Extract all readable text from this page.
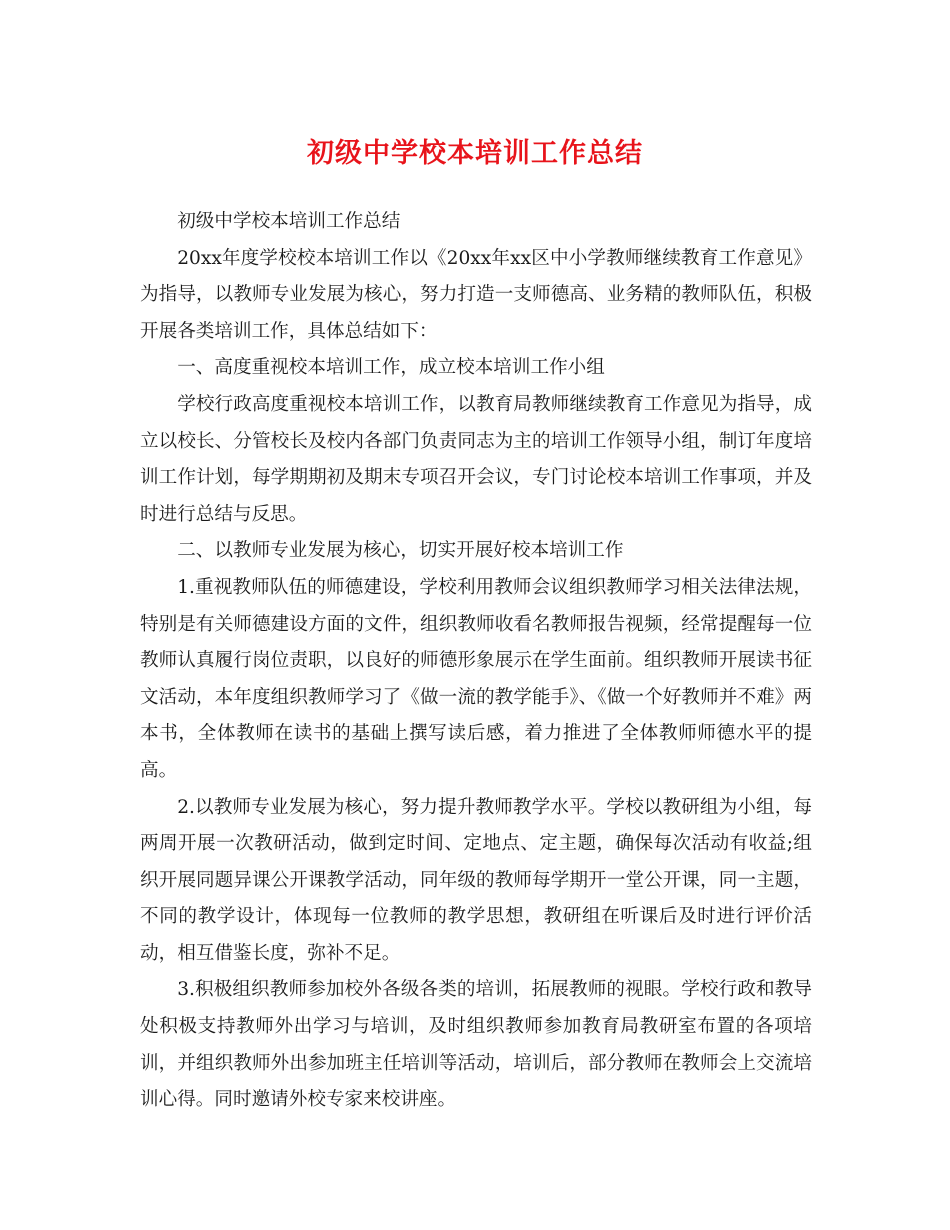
初级中学校本培训工作总结

初级中学校本培训工作总结

20xx年度学校校本培训工作以《20xx年xx区中小学教师继续教育工作意见》为指导，以教师专业发展为核心，努力打造一支师德高、业务精的教师队伍，积极开展各类培训工作，具体总结如下：

一、高度重视校本培训工作，成立校本培训工作小组

学校行政高度重视校本培训工作，以教育局教师继续教育工作意见为指导，成立以校长、分管校长及校内各部门负责同志为主的培训工作领导小组，制订年度培训工作计划，每学期期初及期末专项召开会议，专门讨论校本培训工作事项，并及时进行总结与反思。

二、以教师专业发展为核心，切实开展好校本培训工作

1.重视教师队伍的师德建设，学校利用教师会议组织教师学习相关法律法规，特别是有关师德建设方面的文件，组织教师收看名教师报告视频，经常提醒每一位教师认真履行岗位责职，以良好的师德形象展示在学生面前。组织教师开展读书征文活动，本年度组织教师学习了《做一流的教学能手》、《做一个好教师并不难》两本书，全体教师在读书的基础上撰写读后感，着力推进了全体教师师德水平的提高。

2.以教师专业发展为核心，努力提升教师教学水平。学校以教研组为小组，每两周开展一次教研活动，做到定时间、定地点、定主题，确保每次活动有收益;组织开展同题异课公开课教学活动，同年级的教师每学期开一堂公开课，同一主题，不同的教学设计，体现每一位教师的教学思想，教研组在听课后及时进行评价活动，相互借鉴长度，弥补不足。

3.积极组织教师参加校外各级各类的培训，拓展教师的视眼。学校行政和教导处积极支持教师外出学习与培训，及时组织教师参加教育局教研室布置的各项培训，并组织教师外出参加班主任培训等活动，培训后，部分教师在教师会上交流培训心得。同时邀请外校专家来校讲座。
